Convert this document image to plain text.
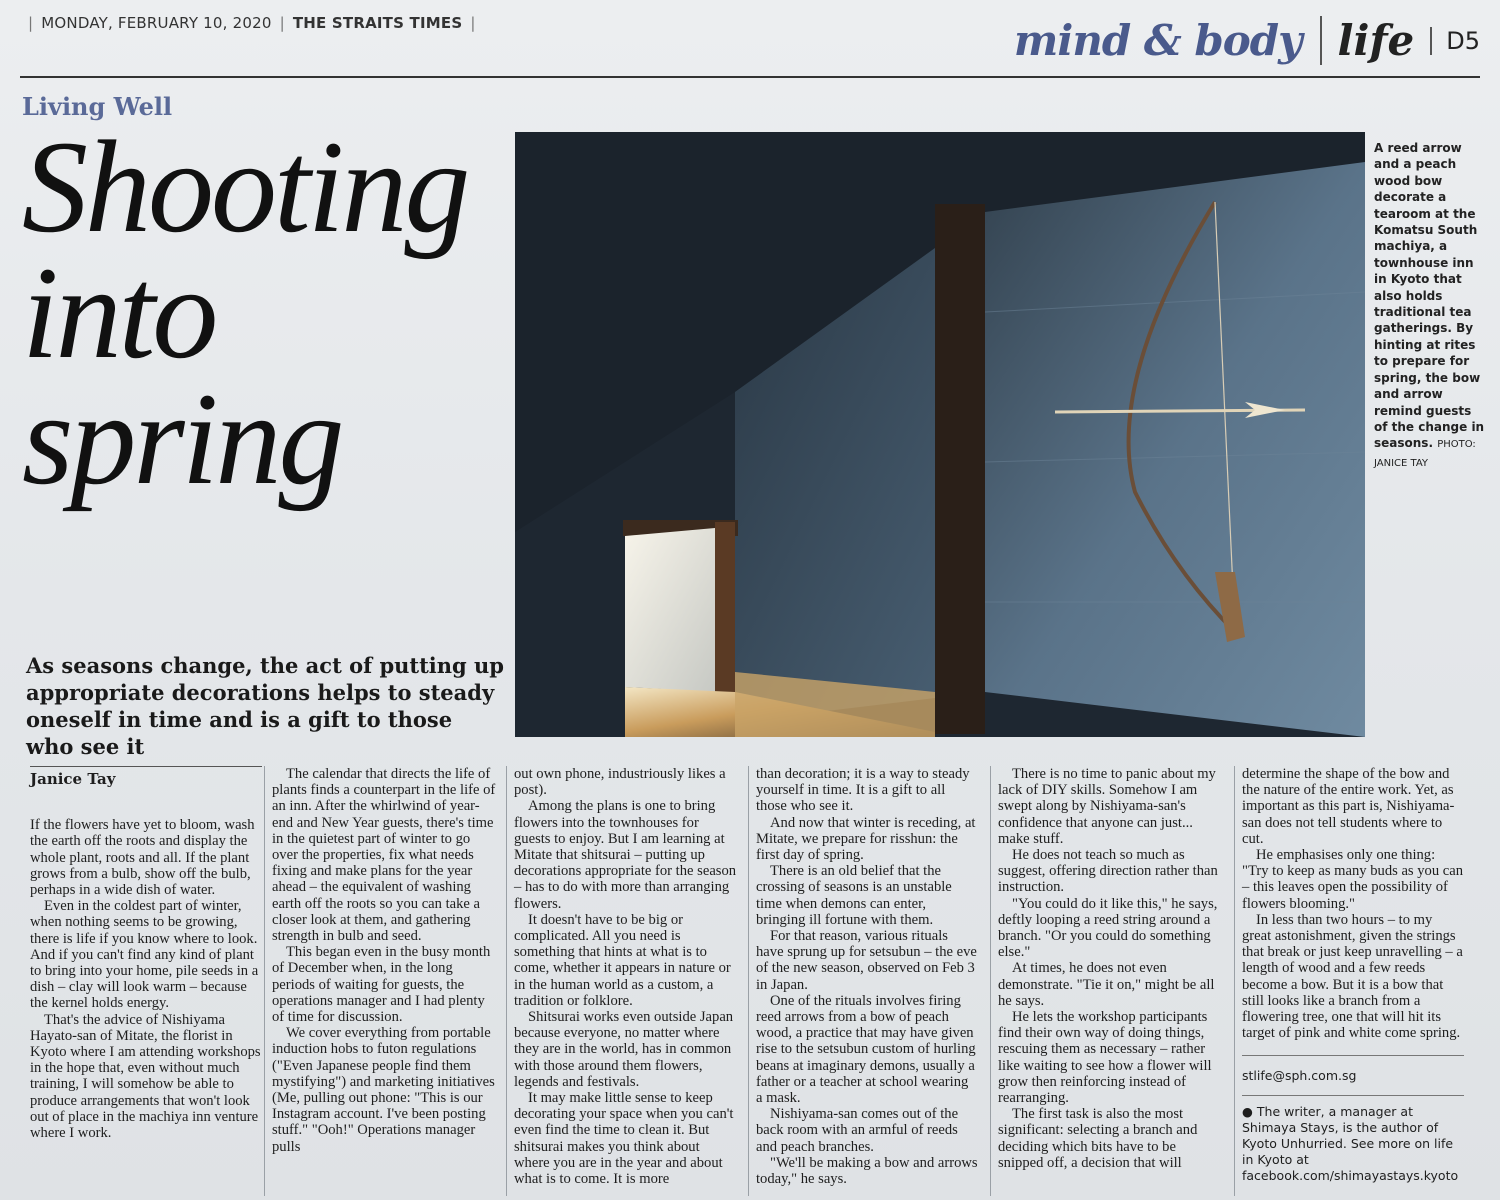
| MONDAY, FEBRUARY 10, 2020 | THE STRAITS TIMES |	mind & body life	D5
Living Well
Shooting
into
spring
A reed arrow and a peach wood bow decorate a tearoom at the Komatsu South machiya, a townhouse inn in Kyoto that also holds traditional tea gatherings. By hinting at rites to prepare for spring, the bow and arrow remind guests of the change in seasons. PHOTO: JANICE TAY
As seasons change, the act of putting up appropriate decorations helps to steady oneself in time and is a gift to those who see it
Janice Tay

If the flowers have yet to bloom, wash the earth off the roots and display the whole plant, roots and all. If the plant grows from a bulb, show off the bulb, perhaps in a wide dish of water.

Even in the coldest part of winter, when nothing seems to be growing, there is life if you know where to look. And if you can't find any kind of plant to bring into your home, pile seeds in a dish – clay will look warm – because the kernel holds energy.

That's the advice of Nishiyama Hayato-san of Mitate, the florist in Kyoto where I am attending workshops in the hope that, even without much training, I will somehow be able to produce arrangements that won't look out of place in the machiya inn venture where I work.

The calendar that directs the life of plants finds a counterpart in the life of an inn. After the whirlwind of year-end and New Year guests, there's time in the quietest part of winter to go over the properties, fix what needs fixing and make plans for the year ahead – the equivalent of washing earth off the roots so you can take a closer look at them, and gathering strength in bulb and seed.

This began even in the busy month of December when, in the long periods of waiting for guests, the operations manager and I had plenty of time for discussion.

We cover everything from portable induction hobs to futon regulations ("Even Japanese people find them mystifying") and marketing initiatives (Me, pulling out phone: "This is our Instagram account. I've been posting stuff." "Ooh!" Operations manager pulls

out own phone, industriously likes a post).

Among the plans is one to bring flowers into the townhouses for guests to enjoy. But I am learning at Mitate that shitsurai – putting up decorations appropriate for the season – has to do with more than arranging flowers.

It doesn't have to be big or complicated. All you need is something that hints at what is to come, whether it appears in nature or in the human world as a custom, a tradition or folklore.

Shitsurai works even outside Japan because everyone, no matter where they are in the world, has in common with those around them flowers, legends and festivals.

It may make little sense to keep decorating your space when you can't even find the time to clean it. But shitsurai makes you think about where you are in the year and about what is to come. It is more

than decoration; it is a way to steady yourself in time. It is a gift to all those who see it.

And now that winter is receding, at Mitate, we prepare for risshun: the first day of spring.

There is an old belief that the crossing of seasons is an unstable time when demons can enter, bringing ill fortune with them.

For that reason, various rituals have sprung up for setsubun – the eve of the new season, observed on Feb 3 in Japan.

One of the rituals involves firing reed arrows from a bow of peach wood, a practice that may have given rise to the setsubun custom of hurling beans at imaginary demons, usually a father or a teacher at school wearing a mask.

Nishiyama-san comes out of the back room with an armful of reeds and peach branches.

"We'll be making a bow and arrows today," he says.

There is no time to panic about my lack of DIY skills. Somehow I am swept along by Nishiyama-san's confidence that anyone can just... make stuff.

He does not teach so much as suggest, offering direction rather than instruction.

"You could do it like this," he says, deftly looping a reed string around a branch. "Or you could do something else."

At times, he does not even demonstrate. "Tie it on," might be all he says.

He lets the workshop participants find their own way of doing things, rescuing them as necessary – rather like waiting to see how a flower will grow then reinforcing instead of rearranging.

The first task is also the most significant: selecting a branch and deciding which bits have to be snipped off, a decision that will

determine the shape of the bow and the nature of the entire work. Yet, as important as this part is, Nishiyama-san does not tell students where to cut.

He emphasises only one thing: "Try to keep as many buds as you can – this leaves open the possibility of flowers blooming."

In less than two hours – to my great astonishment, given the strings that break or just keep unravelling – a length of wood and a few reeds become a bow. But it is a bow that still looks like a branch from a flowering tree, one that will hit its target of pink and white come spring.

stlife@sph.com.sg
● The writer, a manager at Shimaya Stays, is the author of Kyoto Unhurried. See more on life in Kyoto at facebook.com/shimayastays.kyoto
